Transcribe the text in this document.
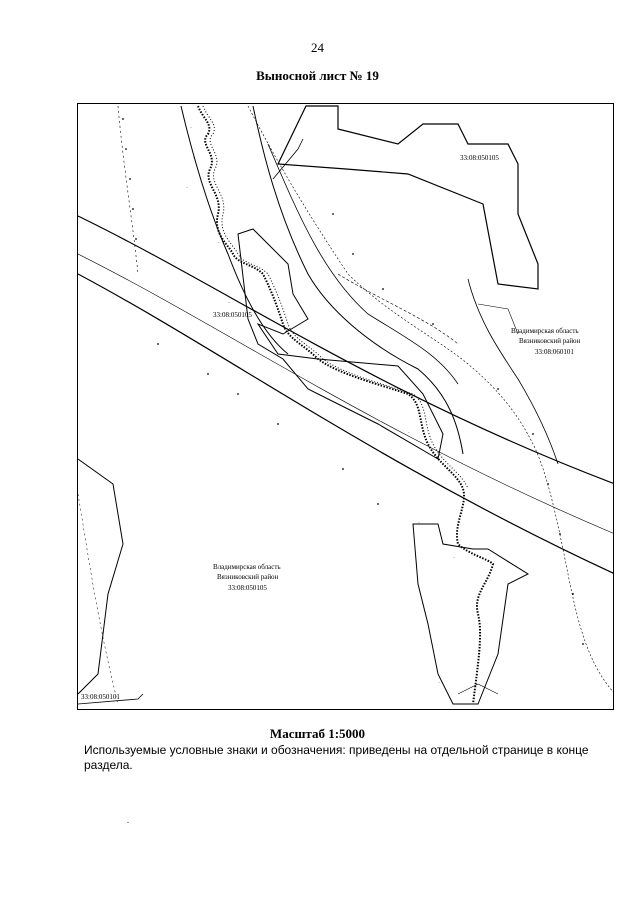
24
Выносной лист № 19
··
··
··
··
··
··
··
··
··
33:08:050105
33:08:050105
Владимирская область
Вязниковский район
33:08:060101
Владимирская область
Вязниковский район
33:08:050105
33:08:050101
Масштаб 1:5000
Используемые условные знаки и обозначения: приведены на отдельной странице в конце раздела.
